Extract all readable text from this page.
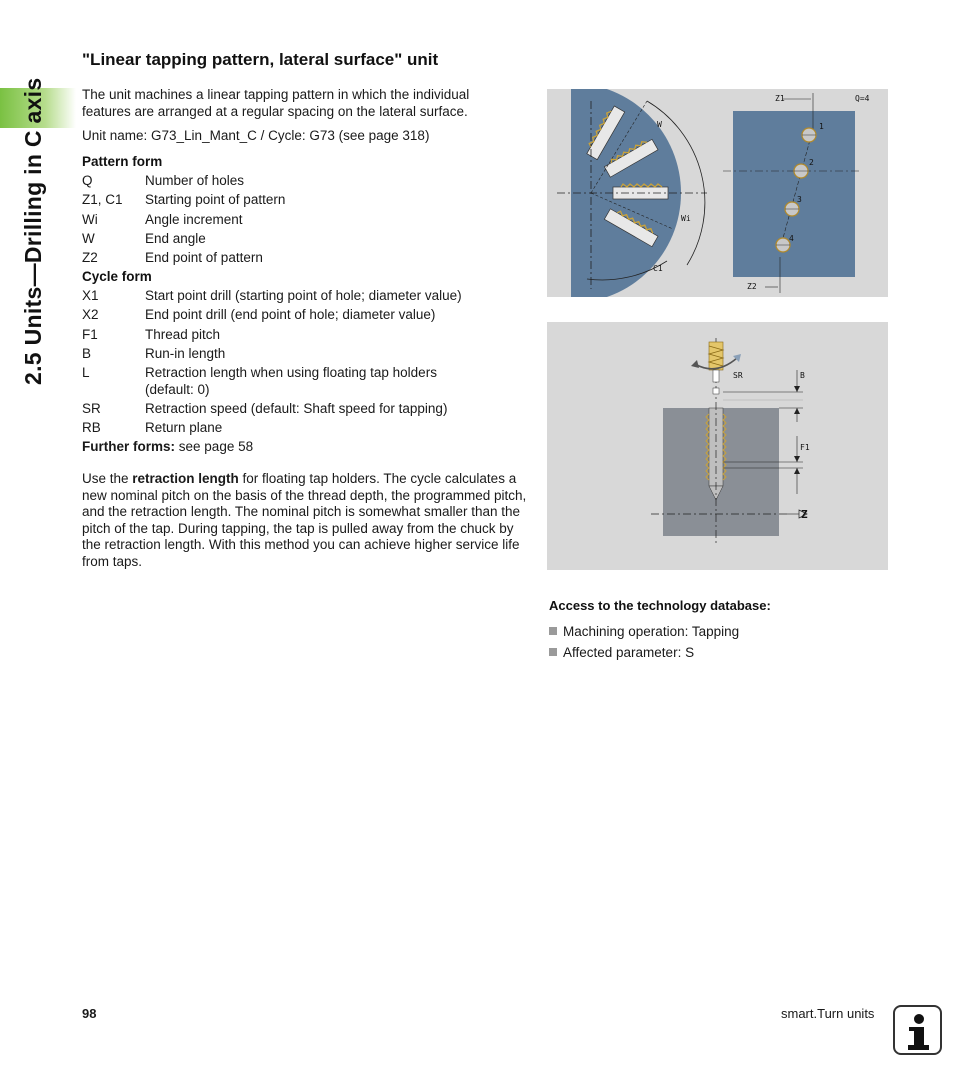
2.5 Units—Drilling in C axis
"Linear tapping pattern, lateral surface" unit

The unit machines a linear tapping pattern in which the individual features are arranged at a regular spacing on the lateral surface.

Unit name: G73_Lin_Mant_C / Cycle: G73 (see page 318)

Pattern form

Q	Number of holes
Z1, C1	Starting point of pattern
Wi	Angle increment
W	End angle
Z2	End point of pattern

Cycle form

X1	Start point drill (starting point of hole; diameter value)
X2	End point drill (end point of hole; diameter value)
F1	Thread pitch
B	Run-in length
L	Retraction length when using floating tap holders (default: 0)
SR	Retraction speed (default: Shaft speed for tapping)
RB	Return plane

Further forms: see page 58

Use the retraction length for floating tap holders. The cycle calculates a new nominal pitch on the basis of the thread depth, the programmed pitch, and the retraction length. The nominal pitch is somewhat smaller than the pitch of the tap. During tapping, the tap is pulled away from the chuck by the retraction length. With this method you can achieve higher service life from taps.

W
Wi
C1
Z1	Q=4
Z2
1
2
3
4
Z
SR	B
F1

Access to the technology database:

Machining operation: Tapping
Affected parameter: S
98	smart.Turn units
